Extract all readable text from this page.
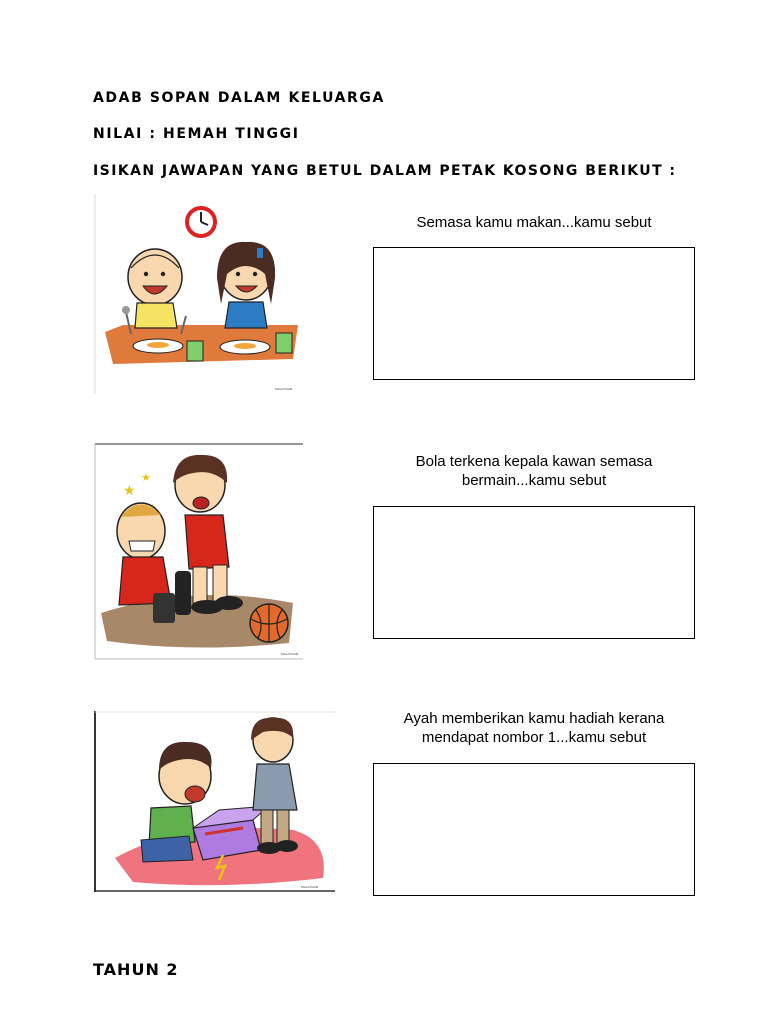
ADAB SOPAN DALAM KELUARGA
NILAI : HEMAH TINGGI
ISIKAN JAWAPAN YANG BETUL DALAM PETAK KOSONG BERIKUT :
MALAYSIAN
Semasa kamu makan...kamu sebut
★
★
MALAYSIAN
Bola terkena kepala kawan semasa bermain...kamu sebut
MALAYSIAN
Ayah memberikan kamu hadiah kerana mendapat nombor 1...kamu sebut
TAHUN 2
